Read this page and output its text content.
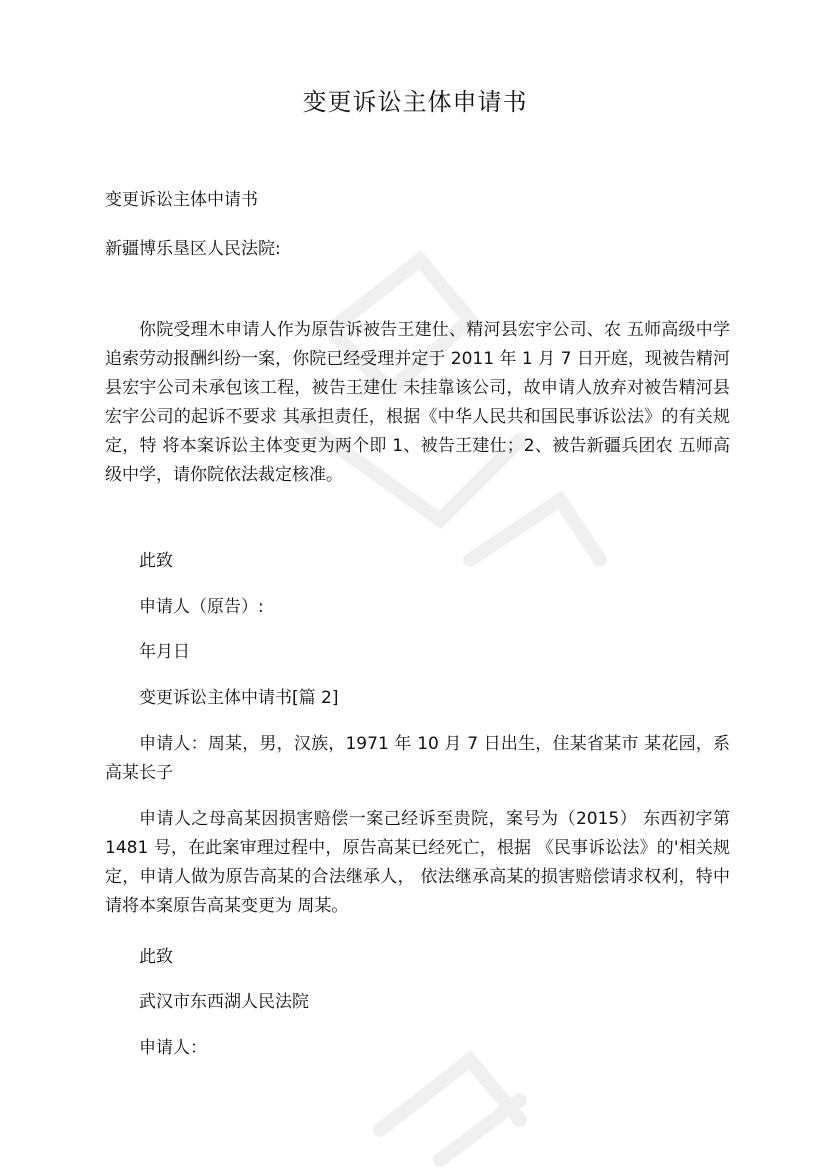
变更诉讼主体申请书

变更诉讼主体中请书

新疆博乐垦区人民法院:

你院受理木申请人作为原告诉被告王建仕、精河县宏宇公司、农 五师高级中学追索劳动报酬纠纷一案，你院已经受理并定于 2011 年 1 月 7 日开庭，现被告精河县宏宇公司未承包该工程，被告王建仕 未挂靠该公司，故申请人放弃对被告精河县宏宇公司的起诉不要求 其承担责任，根据《中华人民共和国民事诉讼法》的有关规定，特 将本案诉讼主体变更为两个即 1、被告王建仕；2、被告新疆兵团农 五师高级中学，请你院依法裁定核准。

此致

申请人（原告）:

年月日

变更诉讼主体中请书[篇 2]

申请人：周某，男，汉族，1971 年 10 月 7 日出生，住某省某市 某花园，系高某长子

申请人之母高某因损害赔偿一案己经诉至贵院，案号为（2015） 东西初字第 1481 号，在此案审理过程中，原告高某已经死亡，根据 《民事诉讼法》的'相关规定，申请人做为原告高某的合法继承人， 依法继承高某的损害赔偿请求权利，特中请将本案原告高某变更为 周某。

此致

武汉市东西湖人民法院

申请人：
